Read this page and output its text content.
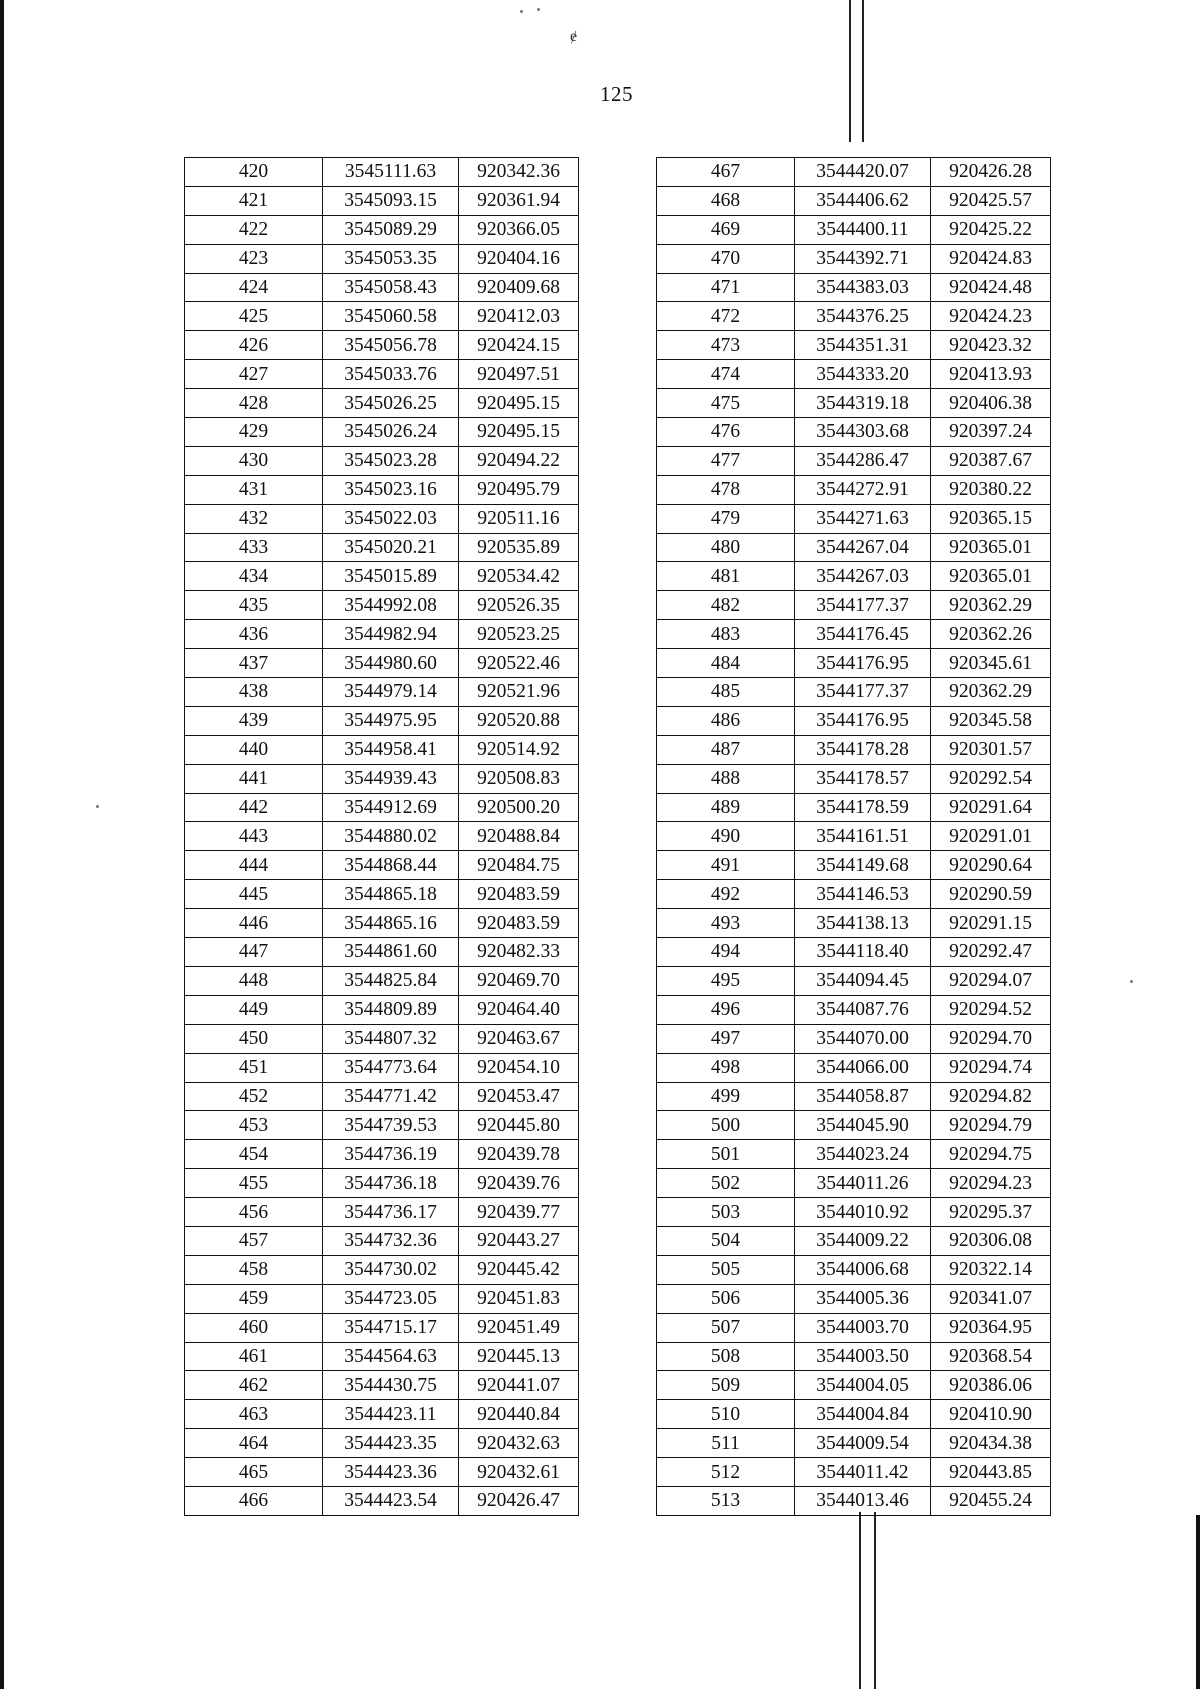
ɇ
125
420	3545111.63	920342.36
421	3545093.15	920361.94
422	3545089.29	920366.05
423	3545053.35	920404.16
424	3545058.43	920409.68
425	3545060.58	920412.03
426	3545056.78	920424.15
427	3545033.76	920497.51
428	3545026.25	920495.15
429	3545026.24	920495.15
430	3545023.28	920494.22
431	3545023.16	920495.79
432	3545022.03	920511.16
433	3545020.21	920535.89
434	3545015.89	920534.42
435	3544992.08	920526.35
436	3544982.94	920523.25
437	3544980.60	920522.46
438	3544979.14	920521.96
439	3544975.95	920520.88
440	3544958.41	920514.92
441	3544939.43	920508.83
442	3544912.69	920500.20
443	3544880.02	920488.84
444	3544868.44	920484.75
445	3544865.18	920483.59
446	3544865.16	920483.59
447	3544861.60	920482.33
448	3544825.84	920469.70
449	3544809.89	920464.40
450	3544807.32	920463.67
451	3544773.64	920454.10
452	3544771.42	920453.47
453	3544739.53	920445.80
454	3544736.19	920439.78
455	3544736.18	920439.76
456	3544736.17	920439.77
457	3544732.36	920443.27
458	3544730.02	920445.42
459	3544723.05	920451.83
460	3544715.17	920451.49
461	3544564.63	920445.13
462	3544430.75	920441.07
463	3544423.11	920440.84
464	3544423.35	920432.63
465	3544423.36	920432.61
466	3544423.54	920426.47
467	3544420.07	920426.28
468	3544406.62	920425.57
469	3544400.11	920425.22
470	3544392.71	920424.83
471	3544383.03	920424.48
472	3544376.25	920424.23
473	3544351.31	920423.32
474	3544333.20	920413.93
475	3544319.18	920406.38
476	3544303.68	920397.24
477	3544286.47	920387.67
478	3544272.91	920380.22
479	3544271.63	920365.15
480	3544267.04	920365.01
481	3544267.03	920365.01
482	3544177.37	920362.29
483	3544176.45	920362.26
484	3544176.95	920345.61
485	3544177.37	920362.29
486	3544176.95	920345.58
487	3544178.28	920301.57
488	3544178.57	920292.54
489	3544178.59	920291.64
490	3544161.51	920291.01
491	3544149.68	920290.64
492	3544146.53	920290.59
493	3544138.13	920291.15
494	3544118.40	920292.47
495	3544094.45	920294.07
496	3544087.76	920294.52
497	3544070.00	920294.70
498	3544066.00	920294.74
499	3544058.87	920294.82
500	3544045.90	920294.79
501	3544023.24	920294.75
502	3544011.26	920294.23
503	3544010.92	920295.37
504	3544009.22	920306.08
505	3544006.68	920322.14
506	3544005.36	920341.07
507	3544003.70	920364.95
508	3544003.50	920368.54
509	3544004.05	920386.06
510	3544004.84	920410.90
511	3544009.54	920434.38
512	3544011.42	920443.85
513	3544013.46	920455.24
